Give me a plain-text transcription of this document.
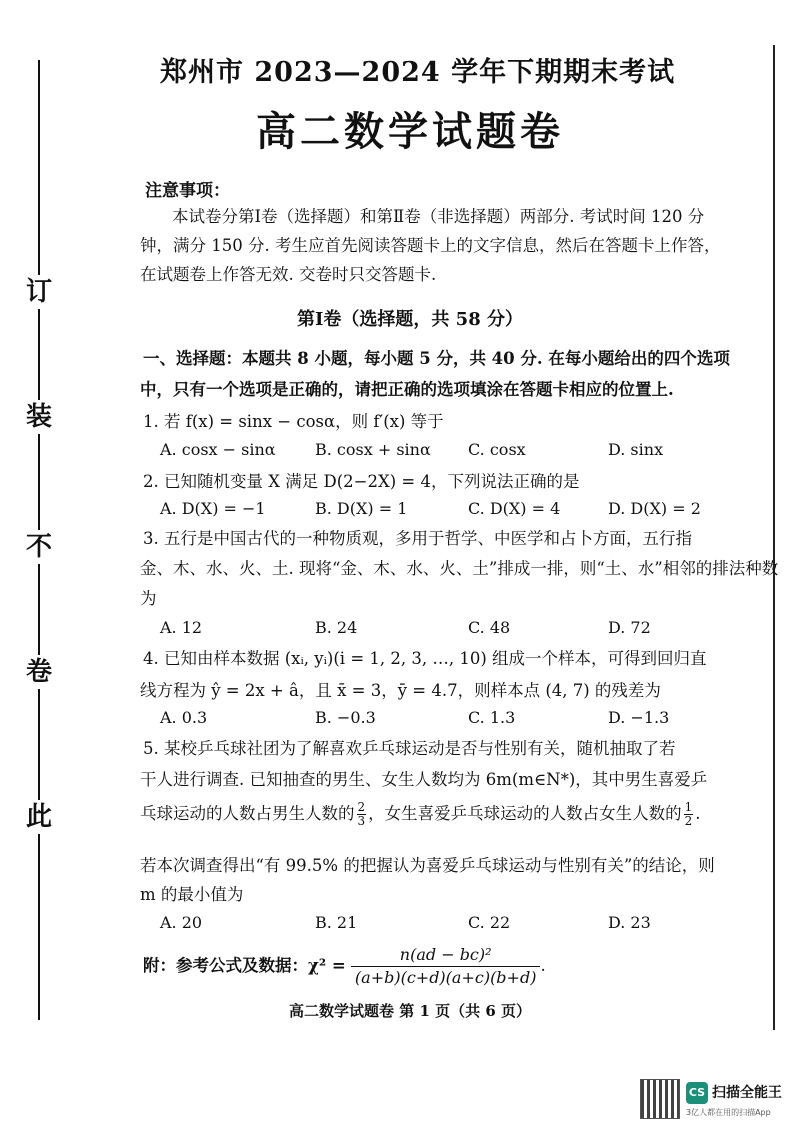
订
装
不
卷
此
郑州市 2023—2024 学年下期期末考试
高二数学试题卷
注意事项：
本试卷分第Ⅰ卷（选择题）和第Ⅱ卷（非选择题）两部分. 考试时间 120 分
钟，满分 150 分. 考生应首先阅读答题卡上的文字信息，然后在答题卡上作答，
在试题卷上作答无效. 交卷时只交答题卡.
第Ⅰ卷（选择题，共 58 分）
一、选择题：本题共 8 小题，每小题 5 分，共 40 分. 在每小题给出的四个选项
中，只有一个选项是正确的，请把正确的选项填涂在答题卡相应的位置上.
1. 若 f(x) = sinx − cosα，则 f′(x) 等于
A. cosx − sinα B. cosx + sinα C. cosx	D. sinx
2. 已知随机变量 X 满足 D(2−2X) = 4，下列说法正确的是
A. D(X) = −1	B. D(X) = 1	C. D(X) = 4	D. D(X) = 2
3. 五行是中国古代的一种物质观，多用于哲学、中医学和占卜方面，五行指
金、木、水、火、土. 现将“金、木、水、火、土”排成一排，则“土、水”相邻的排法种数
为
A. 12	B. 24	C. 48	D. 72
4. 已知由样本数据 (xᵢ, yᵢ)(i = 1, 2, 3, …, 10) 组成一个样本，可得到回归直
线方程为 ŷ = 2x + â，且 x̄ = 3，ȳ = 4.7，则样本点 (4, 7) 的残差为
A. 0.3	B. −0.3	C. 1.3	D. −1.3
5. 某校乒乓球社团为了解喜欢乒乓球运动是否与性别有关，随机抽取了若
干人进行调查. 已知抽查的男生、女生人数均为 6m(m∈N*)，其中男生喜爱乒
乓球运动的人数占男生人数的 $\frac{2}{3}$ ，女生喜爱乒乓球运动的人数占女生人数的 $\frac{1}{2}$ .
若本次调查得出“有 99.5% 的把握认为喜爱乒乓球运动与性别有关”的结论，则
m 的最小值为
A. 20	B. 21	C. 22	D. 23
附：参考公式及数据：$\chi^2 = \frac{\text{n(ad − bc)²}}{(a+b)(c+d)(a+c)(b+d)}$ .
高二数学试题卷 第 1 页（共 6 页）
CS 扫描全能王
3亿人都在用的扫描App
